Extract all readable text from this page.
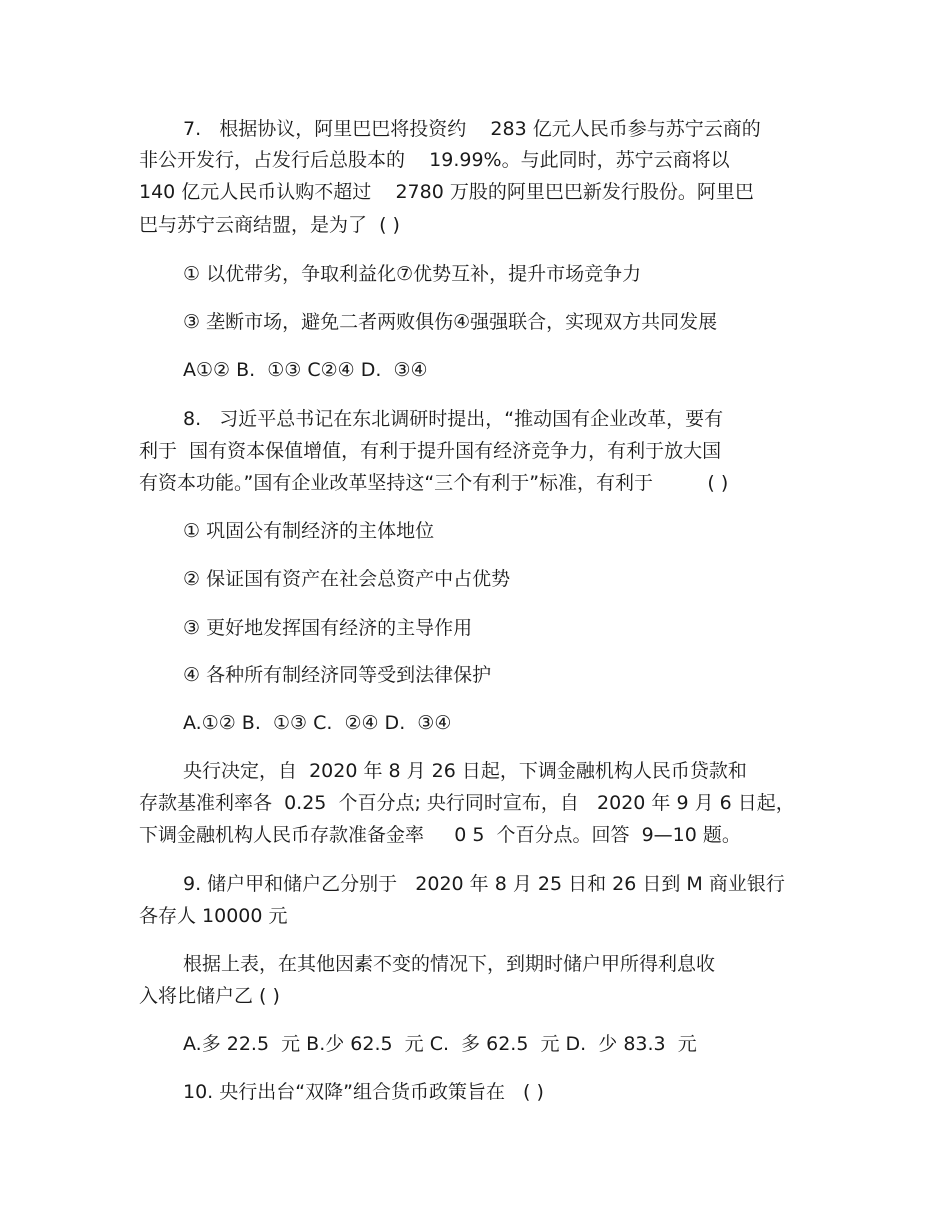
7.   根据协议，阿里巴巴将投资约    283 亿元人民币参与苏宁云商的
非公开发行，占发行后总股本的    19.99%。与此同时，苏宁云商将以
140 亿元人民币认购不超过    2780 万股的阿里巴巴新发行股份。阿里巴
巴与苏宁云商结盟，是为了  ( )
① 以优带劣，争取利益化⑦优势互补，提升市场竞争力
③ 垄断市场，避免二者两败俱伤④强强联合，实现双方共同发展
A①② B.  ①③ C②④ D.  ③④
8.   习近平总书记在东北调研时提出，“推动国有企业改革，要有
利于  国有资本保值增值，有利于提升国有经济竞争力，有利于放大国
有资本功能。”国有企业改革坚持这“三个有利于”标准，有利于         ( )
① 巩固公有制经济的主体地位
② 保证国有资产在社会总资产中占优势
③ 更好地发挥国有经济的主导作用
④ 各种所有制经济同等受到法律保护
A.①② B.  ①③ C.  ②④ D.  ③④
央行决定，自  2020 年 8 月 26 日起，下调金融机构人民币贷款和
存款基准利率各  0.25  个百分点; 央行同时宣布，自   2020 年 9 月 6 日起，
下调金融机构人民币存款准备金率     0 5  个百分点。回答  9—10 题。
9. 储户甲和储户乙分别于   2020 年 8 月 25 日和 26 日到 M 商业银行
各存人 10000 元
根据上表，在其他因素不变的情况下，到期时储户甲所得利息收
入将比储户乙 ( )
A.多 22.5  元 B.少 62.5  元 C.  多 62.5  元 D.  少 83.3  元
10. 央行出台“双降”组合货币政策旨在   ( )
